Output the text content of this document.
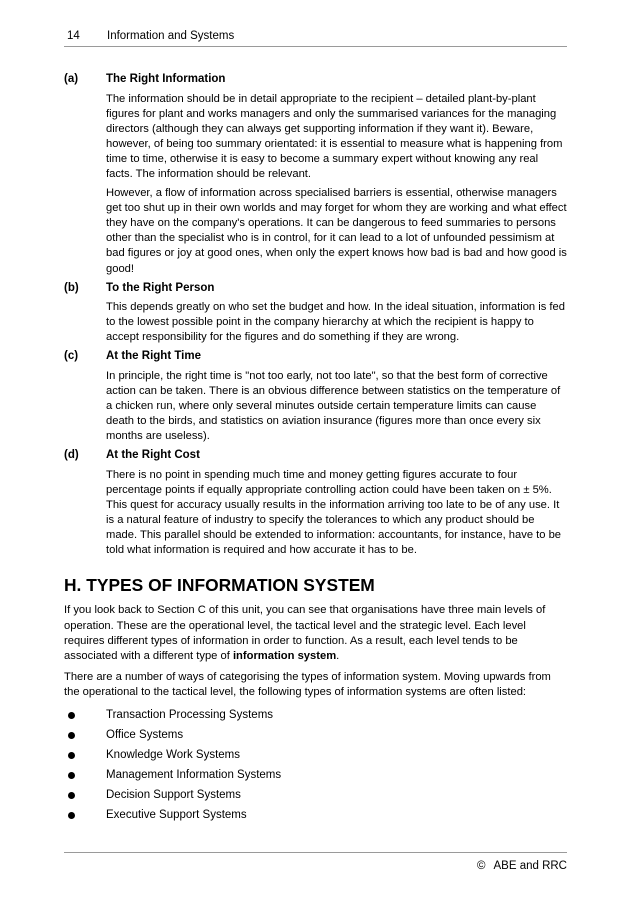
14 Information and Systems
(a) The Right Information

The information should be in detail appropriate to the recipient – detailed plant-by-plant figures for plant and works managers and only the summarised variances for the managing directors (although they can always get supporting information if they want it). Beware, however, of being too summary orientated: it is essential to measure what is happening from time to time, otherwise it is easy to become a summary expert without knowing any real facts. The information should be relevant.

However, a flow of information across specialised barriers is essential, otherwise managers get too shut up in their own worlds and may forget for whom they are working and what effect they have on the company's operations. It can be dangerous to feed summaries to persons other than the specialist who is in control, for it can lead to a lot of unfounded pessimism at bad figures or joy at good ones, when only the expert knows how bad is bad and how good is good!

(b) To the Right Person

This depends greatly on who set the budget and how. In the ideal situation, information is fed to the lowest possible point in the company hierarchy at which the recipient is happy to accept responsibility for the figures and do something if they are wrong.

(c) At the Right Time

In principle, the right time is "not too early, not too late", so that the best form of corrective action can be taken. There is an obvious difference between statistics on the temperature of a chicken run, where only several minutes outside certain temperature limits can cause death to the birds, and statistics on aviation insurance (figures more than once every six months are useless).

(d) At the Right Cost

There is no point in spending much time and money getting figures accurate to four percentage points if equally appropriate controlling action could have been taken on ± 5%. This quest for accuracy usually results in the information arriving too late to be of any use. It is a natural feature of industry to specify the tolerances to which any product should be made. This parallel should be extended to information: accountants, for instance, have to be told what information is required and how accurate it has to be.

H. TYPES OF INFORMATION SYSTEM

If you look back to Section C of this unit, you can see that organisations have three main levels of operation. These are the operational level, the tactical level and the strategic level. Each level requires different types of information in order to function. As a result, each level tends to be associated with a different type of information system.

There are a number of ways of categorising the types of information system. Moving upwards from the operational to the tactical level, the following types of information systems are often listed:

Transaction Processing Systems
Office Systems
Knowledge Work Systems
Management Information Systems
Decision Support Systems
Executive Support Systems
© ABE and RRC
